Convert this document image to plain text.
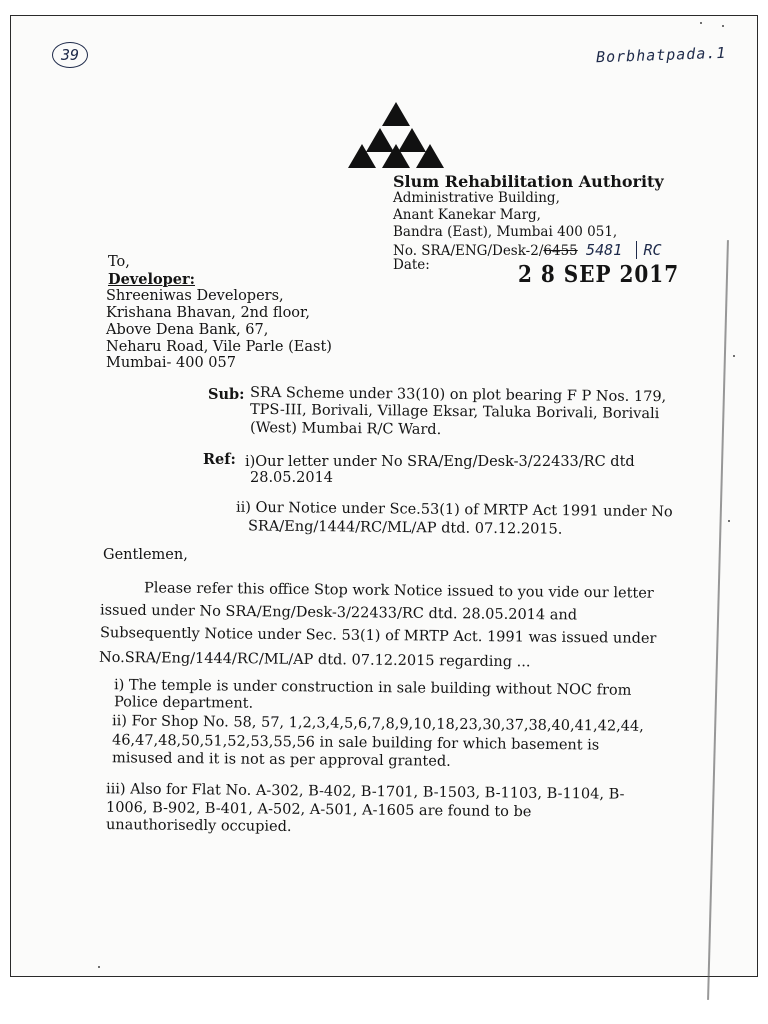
39	Borbhatpada.1
Slum Rehabilitation Authority
Administrative Building,
Anant Kanekar Marg,
Bandra (East), Mumbai 400 051,
No. SRA/ENG/Desk-2/6455 5481 RC
Date:	2 8 SEP 2017
To,
Developer:
Shreeniwas Developers,
Krishana Bhavan, 2nd floor,
Above Dena Bank, 67,
Neharu Road, Vile Parle (East)
Mumbai- 400 057
Sub: SRA Scheme under 33(10) on plot bearing F P Nos. 179,
TPS-III, Borivali, Village Eksar, Taluka Borivali, Borivali
(West) Mumbai R/C Ward.
Ref: i)Our letter under No SRA/Eng/Desk-3/22433/RC dtd
28.05.2014
ii) Our Notice under Sce.53(1) of MRTP Act 1991 under No
SRA/Eng/1444/RC/ML/AP dtd. 07.12.2015.
Gentlemen,
Please refer this office Stop work Notice issued to you vide our letter
issued under No SRA/Eng/Desk-3/22433/RC dtd. 28.05.2014 and
Subsequently Notice under Sec. 53(1) of MRTP Act. 1991 was issued under
No.SRA/Eng/1444/RC/ML/AP dtd. 07.12.2015 regarding ...
i) The temple is under construction in sale building without NOC from
Police department.
ii) For Shop No. 58, 57, 1,2,3,4,5,6,7,8,9,10,18,23,30,37,38,40,41,42,44,
46,47,48,50,51,52,53,55,56 in sale building for which basement is
misused and it is not as per approval granted.
iii) Also for Flat No. A-302, B-402, B-1701, B-1503, B-1103, B-1104, B-
1006, B-902, B-401, A-502, A-501, A-1605 are found to be
unauthorisedly occupied.
